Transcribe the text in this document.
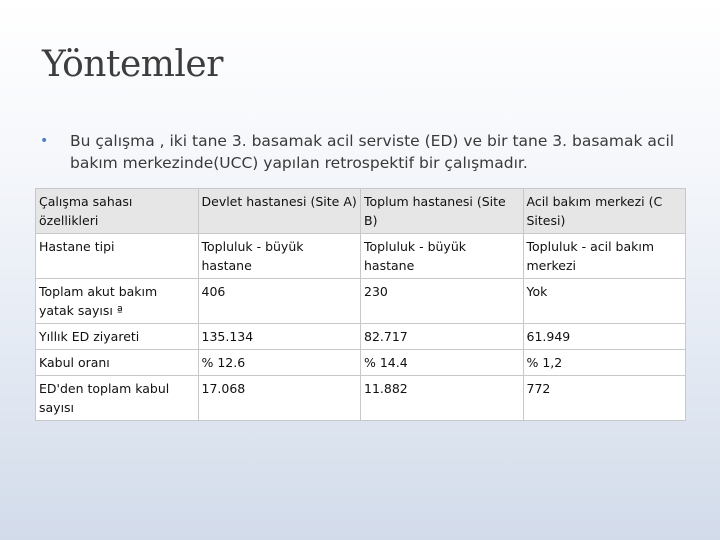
Yöntemler
•	Bu çalışma , iki tane 3. basamak acil serviste (ED) ve bir tane 3. basamak acil bakım merkezinde(UCC) yapılan retrospektif bir çalışmadır.
Çalışma sahası özellikleri	Devlet hastanesi (Site A)	Toplum hastanesi (Site B)	Acil bakım merkezi (C Sitesi)
Hastane tipi	Topluluk - büyük hastane	Topluluk - büyük hastane	Topluluk - acil bakım merkezi
Toplam akut bakım yatak sayısı ª	406	230	Yok
Yıllık ED ziyareti	135.134	82.717	61.949
Kabul oranı	% 12.6	% 14.4	% 1,2
ED'den toplam kabul sayısı	17.068	11.882	772
